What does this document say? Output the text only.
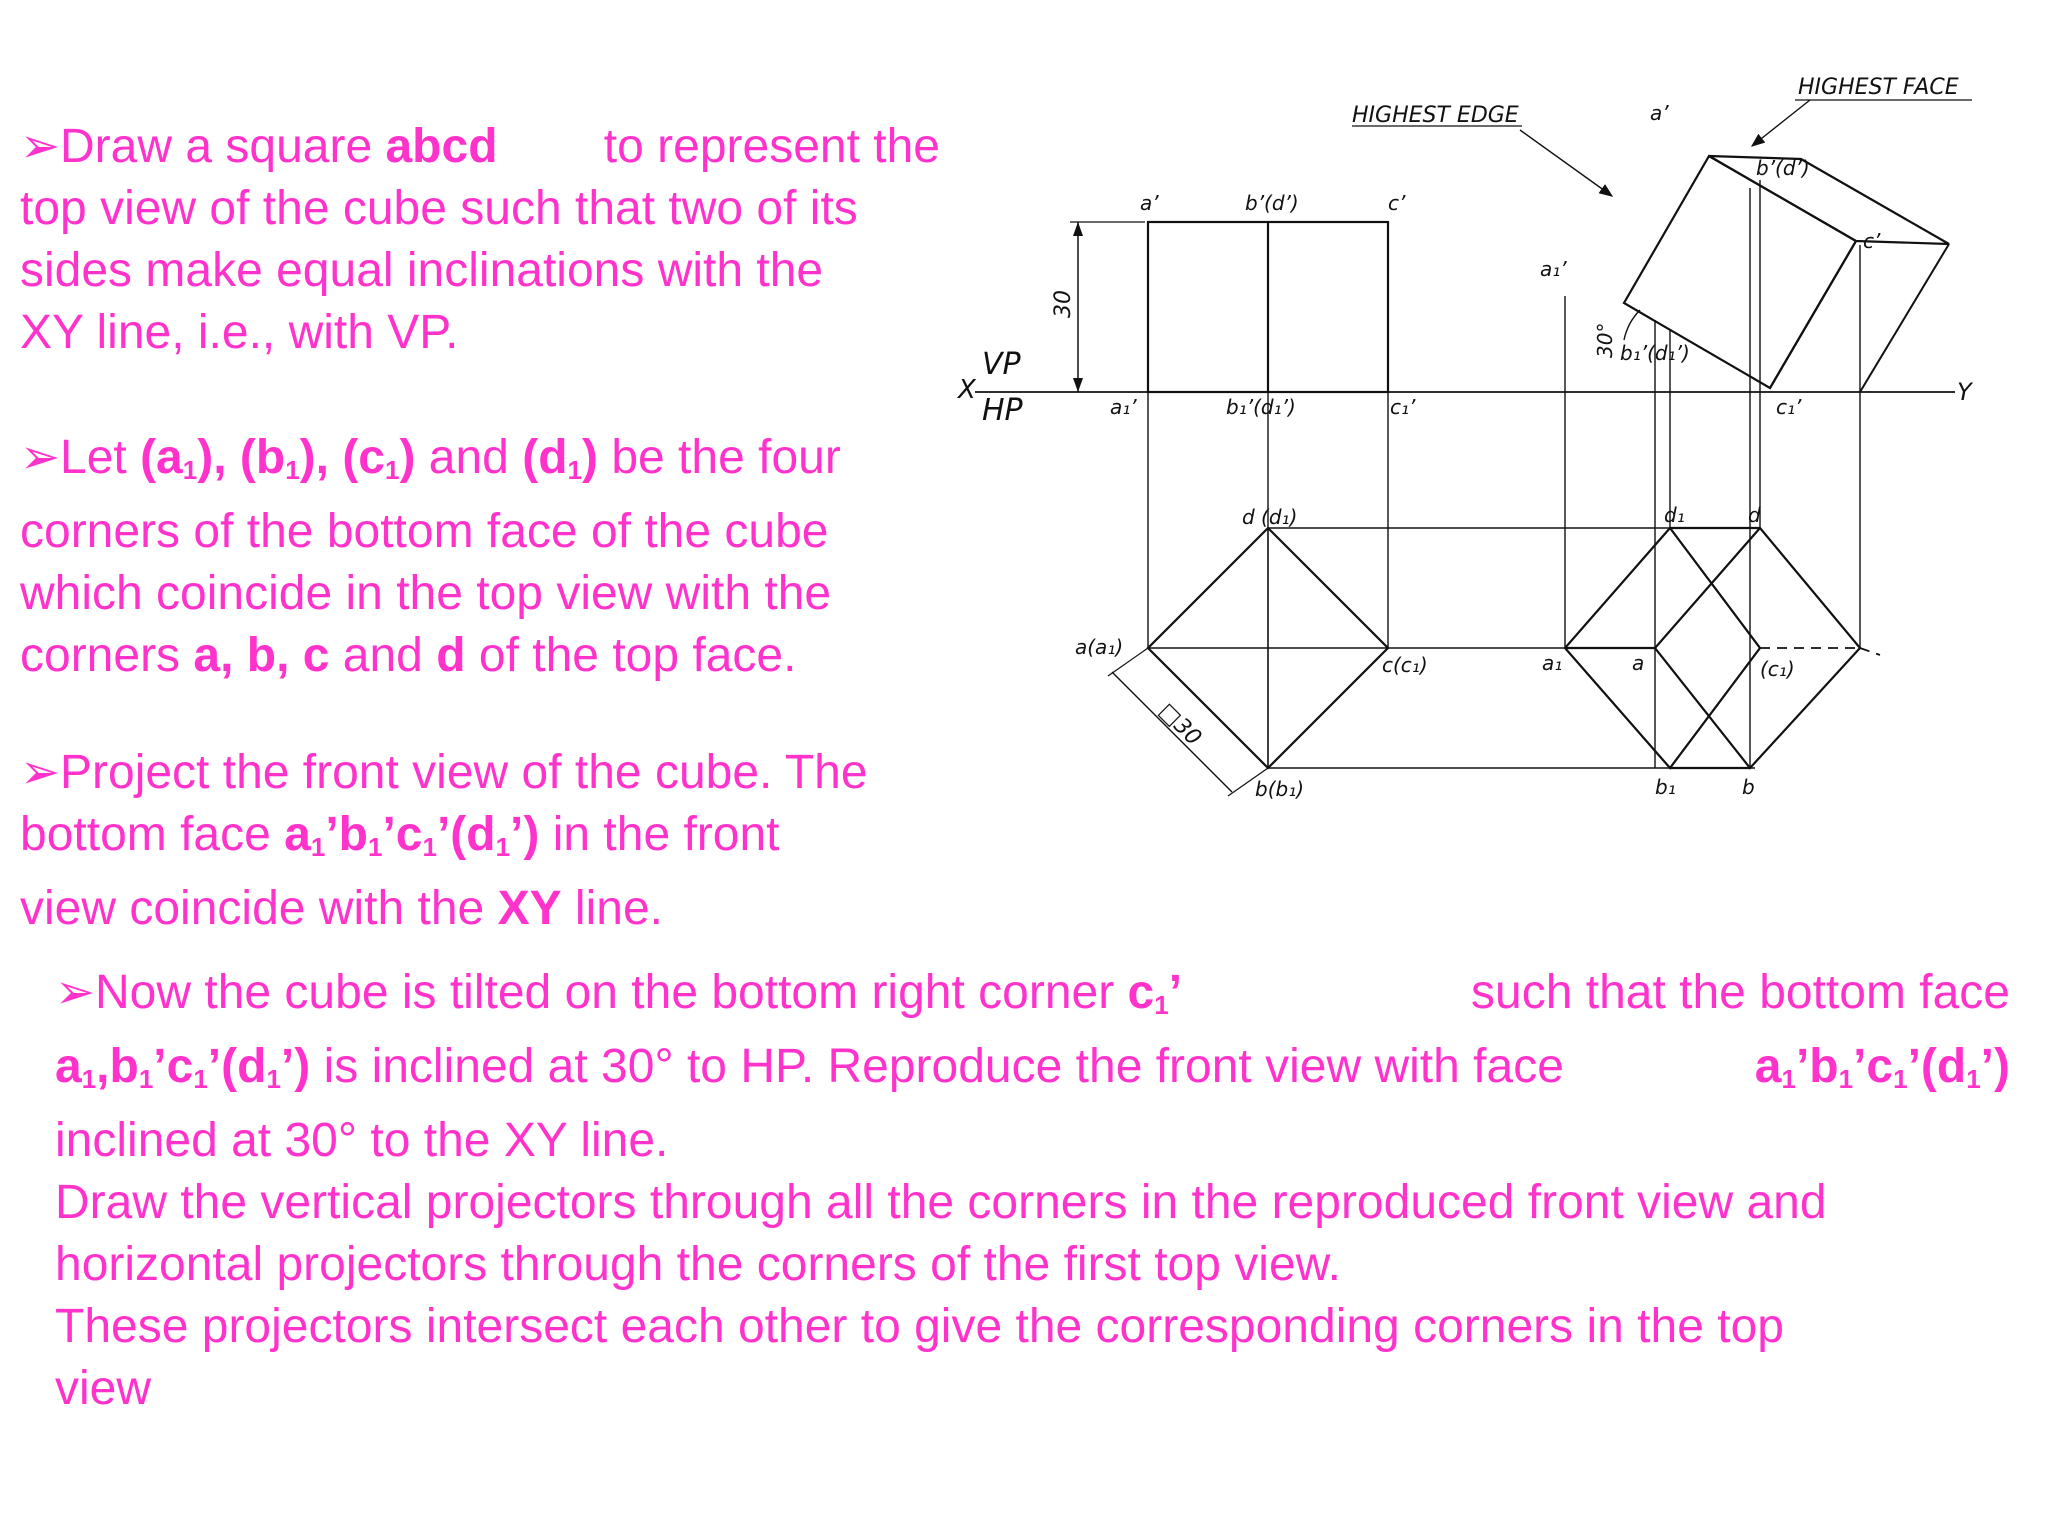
➢Draw a square abcd to represent the
top view of the cube such that two of its
sides make equal inclinations with the
XY line, i.e., with VP.
➢Let $(a_1)$, $(b_1)$, $(c_1)$ and $(d_1)$ be the four
corners of the bottom face of the cube
which coincide in the top view with the
corners a, b, c and d of the top face.
➢Project the front view of the cube. The
bottom face $a_1’b_1’c_1’(d_1’)$ in the front
view coincide with the XY line.
➢Now the cube is tilted on the bottom right corner $c_1$’	such that the bottom face
$a_1,b_1’c_1’(d_1’)$ is inclined at 30° to HP. Reproduce the front view with face	$a_1’b_1’c_1’(d_1’)$
inclined at 30° to the XY line.
Draw the vertical projectors through all the corners in the reproduced front view and
horizontal projectors through the corners of the first top view.
These projectors intersect each other to give the corresponding corners in the top
view
X	Y
VP
HP
30
a’	b’(d’)	c’
a₁’	b₁’(d₁’)	c₁’
d (d₁)
a(a₁)
c(c₁)
b(b₁)
□30
HIGHEST EDGE
HIGHEST FACE
a’
b’(d’)
c’
a₁’
b₁’(d₁’)
c₁’
30°
d₁	d
a₁	a	(c₁)
b₁	b
